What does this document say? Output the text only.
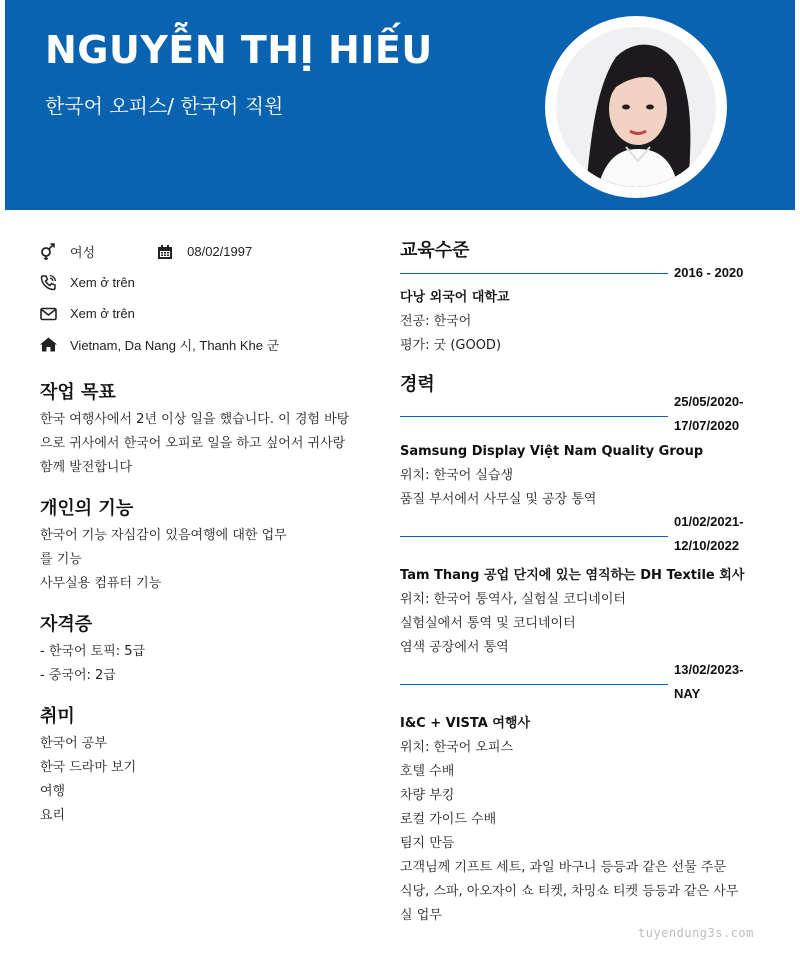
NGUYỄN THỊ HIẾU
한국어 오피스/ 한국어 직원
여성	08/02/1997
Xem ở trên
Xem ở trên
Vietnam, Da Nang 시, Thanh Khe 군
작업 목표
한국 여행사에서 2년 이상 일을 했습니다. 이 경험 바탕으로 귀사에서 한국어 오피로 일을 하고 싶어서 귀사랑 함께 발전합니다
개인의 기능
한국어 기능 자심감이 있음여행에 대한 업무
를 기능
사무실용 컴퓨터 기능
자격증
- 한국어 토픽: 5급
- 중국어: 2급
취미
한국어 공부
한국 드라마 보기
여행
요리
교육수준
2016 - 2020
다낭 외국어 대학교
전공: 한국어
평가: 굿 (GOOD)
경력
25/05/2020-
17/07/2020
Samsung Display Việt Nam Quality Group
위치: 한국어 실습생
품질 부서에서 사무실 및 공장 통역
01/02/2021-
12/10/2022
Tam Thang 공업 단지에 있는 염직하는 DH Textile 회사
위치: 한국어 통역사, 실험실 코디네이터
실험실에서 통역 및 코디네이터
염색 공장에서 통역
13/02/2023-
NAY
I&C + VISTA 여행사
위치: 한국어 오피스
호텔 수배
차량 부킹
로컬 가이드 수배
팀지 만듬
고객님께 기프트 세트, 과일 바구니 등등과 같은 선물 주문
식당, 스파, 아오자이 쇼 티켓, 차밍쇼 티켓 등등과 같은 사무
실 업무
tuyendung3s.com
